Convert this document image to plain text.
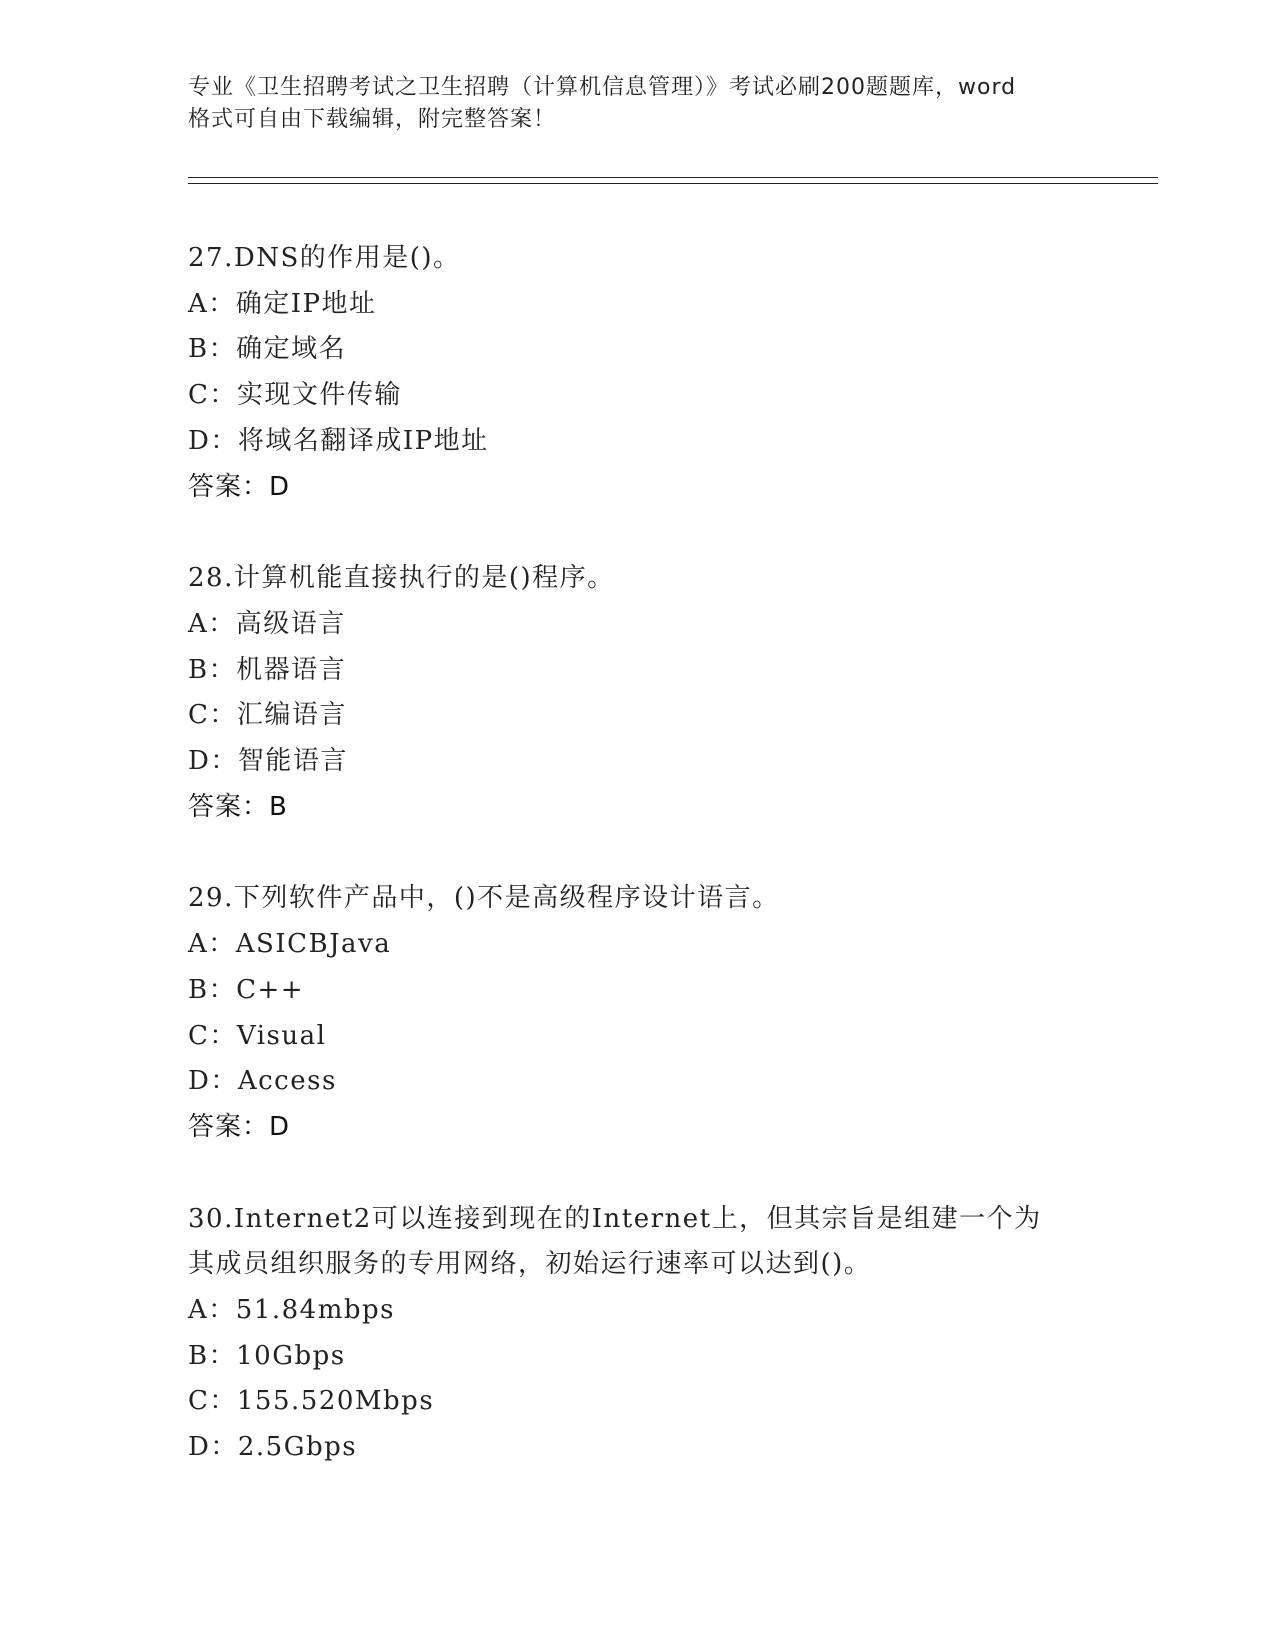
专业《卫生招聘考试之卫生招聘（计算机信息管理）》考试必刷200题题库，word
格式可自由下载编辑，附完整答案！
27.DNS的作用是()。
A：确定IP地址
B：确定域名
C：实现文件传输
D：将域名翻译成IP地址
答案：D
28.计算机能直接执行的是()程序。
A：高级语言
B：机器语言
C：汇编语言
D：智能语言
答案：B
29.下列软件产品中，()不是高级程序设计语言。
A：ASICBJava
B：C++
C：Visual
D：Access
答案：D
30.Internet2可以连接到现在的Internet上，但其宗旨是组建一个为
其成员组织服务的专用网络，初始运行速率可以达到()。
A：51.84mbps
B：10Gbps
C：155.520Mbps
D：2.5Gbps
